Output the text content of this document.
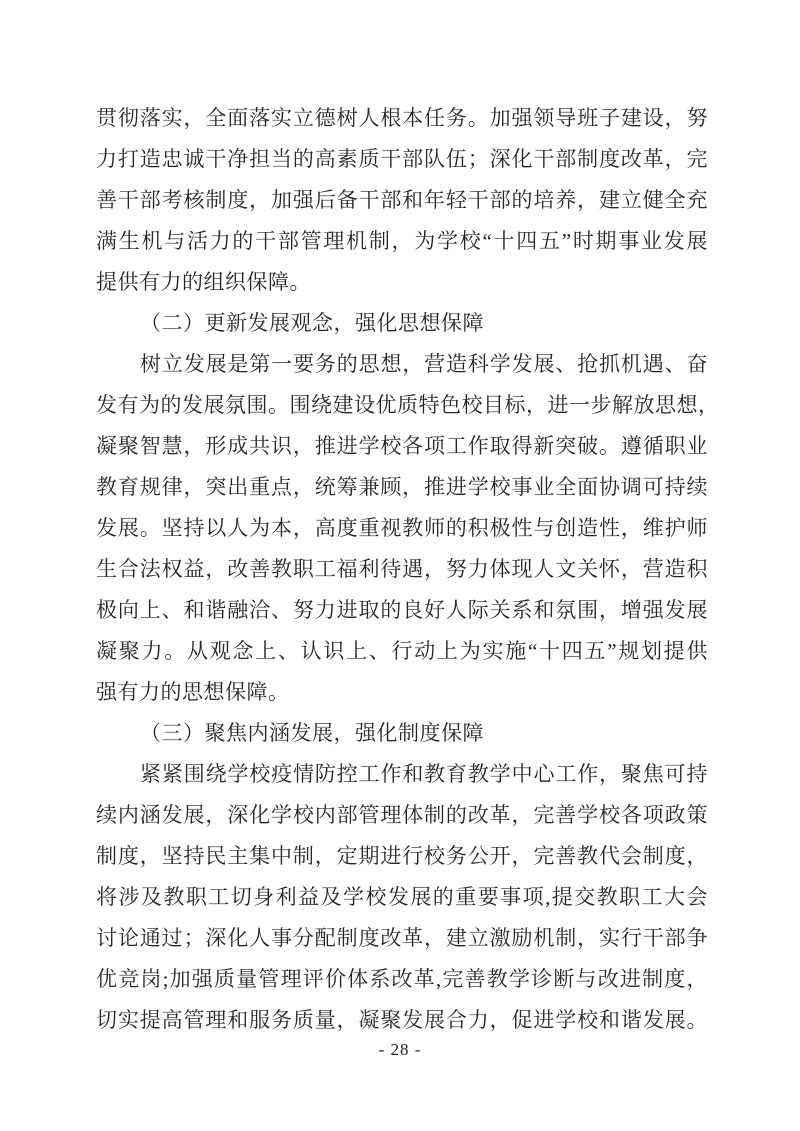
贯彻落实，全面落实立德树人根本任务。加强领导班子建设，努
力打造忠诚干净担当的高素质干部队伍；深化干部制度改革，完
善干部考核制度，加强后备干部和年轻干部的培养，建立健全充
满生机与活力的干部管理机制，为学校“十四五”时期事业发展
提供有力的组织保障。
（二）更新发展观念，强化思想保障
树立发展是第一要务的思想，营造科学发展、抢抓机遇、奋
发有为的发展氛围。围绕建设优质特色校目标，进一步解放思想，
凝聚智慧，形成共识，推进学校各项工作取得新突破。遵循职业
教育规律，突出重点，统筹兼顾，推进学校事业全面协调可持续
发展。坚持以人为本，高度重视教师的积极性与创造性，维护师
生合法权益，改善教职工福利待遇，努力体现人文关怀，营造积
极向上、和谐融洽、努力进取的良好人际关系和氛围，增强发展
凝聚力。从观念上、认识上、行动上为实施“十四五”规划提供
强有力的思想保障。
（三）聚焦内涵发展，强化制度保障
紧紧围绕学校疫情防控工作和教育教学中心工作，聚焦可持
续内涵发展，深化学校内部管理体制的改革，完善学校各项政策
制度，坚持民主集中制，定期进行校务公开，完善教代会制度，
将涉及教职工切身利益及学校发展的重要事项,提交教职工大会
讨论通过；深化人事分配制度改革，建立激励机制，实行干部争
优竞岗;加强质量管理评价体系改革,完善教学诊断与改进制度，
切实提高管理和服务质量，凝聚发展合力，促进学校和谐发展。
- 28 -
